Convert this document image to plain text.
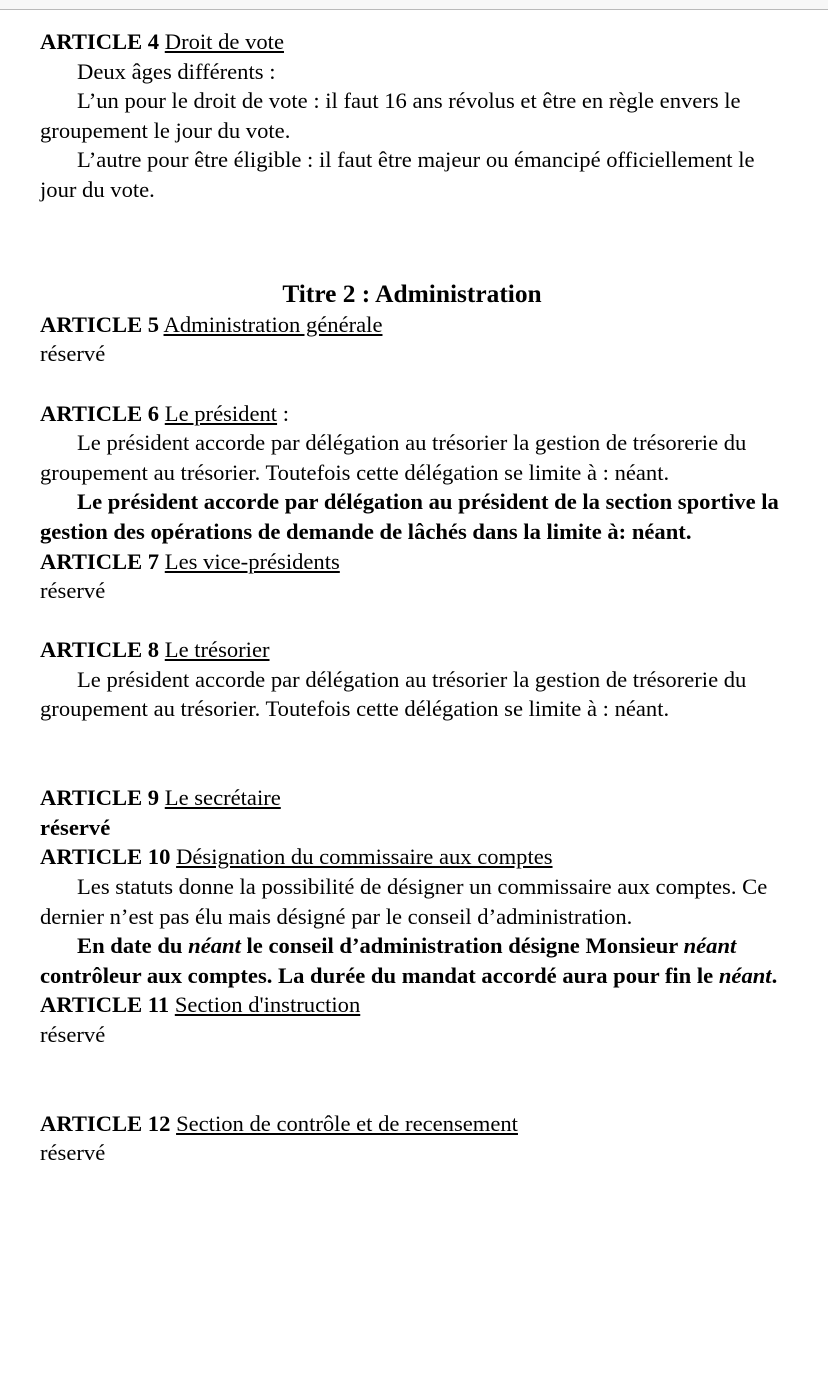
ARTICLE 4 Droit de vote

Deux âges différents :

L’un pour le droit de vote : il faut 16 ans révolus et être en règle envers le groupement le jour du vote.

L’autre pour être éligible : il faut être majeur ou émancipé officiellement le jour du vote.

Titre 2 : Administration

ARTICLE 5 Administration générale

réservé

ARTICLE 6 Le président :

Le président accorde par délégation au trésorier la gestion de trésorerie du groupement au trésorier. Toutefois cette délégation se limite à : néant.

Le président accorde par délégation au président de la section sportive la gestion des opérations de demande de lâchés dans la limite à: néant.

ARTICLE 7 Les vice-présidents

réservé

ARTICLE 8 Le trésorier

Le président accorde par délégation au trésorier la gestion de trésorerie du groupement au trésorier. Toutefois cette délégation se limite à : néant.

ARTICLE 9 Le secrétaire

réservé

ARTICLE 10 Désignation du commissaire aux comptes

Les statuts donne la possibilité de désigner un commissaire aux comptes. Ce dernier n’est pas élu mais désigné par le conseil d’administration.

En date du néant le conseil d’administration désigne Monsieur néant contrôleur aux comptes. La durée du mandat accordé aura pour fin le néant.

ARTICLE 11 Section d'instruction

réservé

ARTICLE 12 Section de contrôle et de recensement

réservé
